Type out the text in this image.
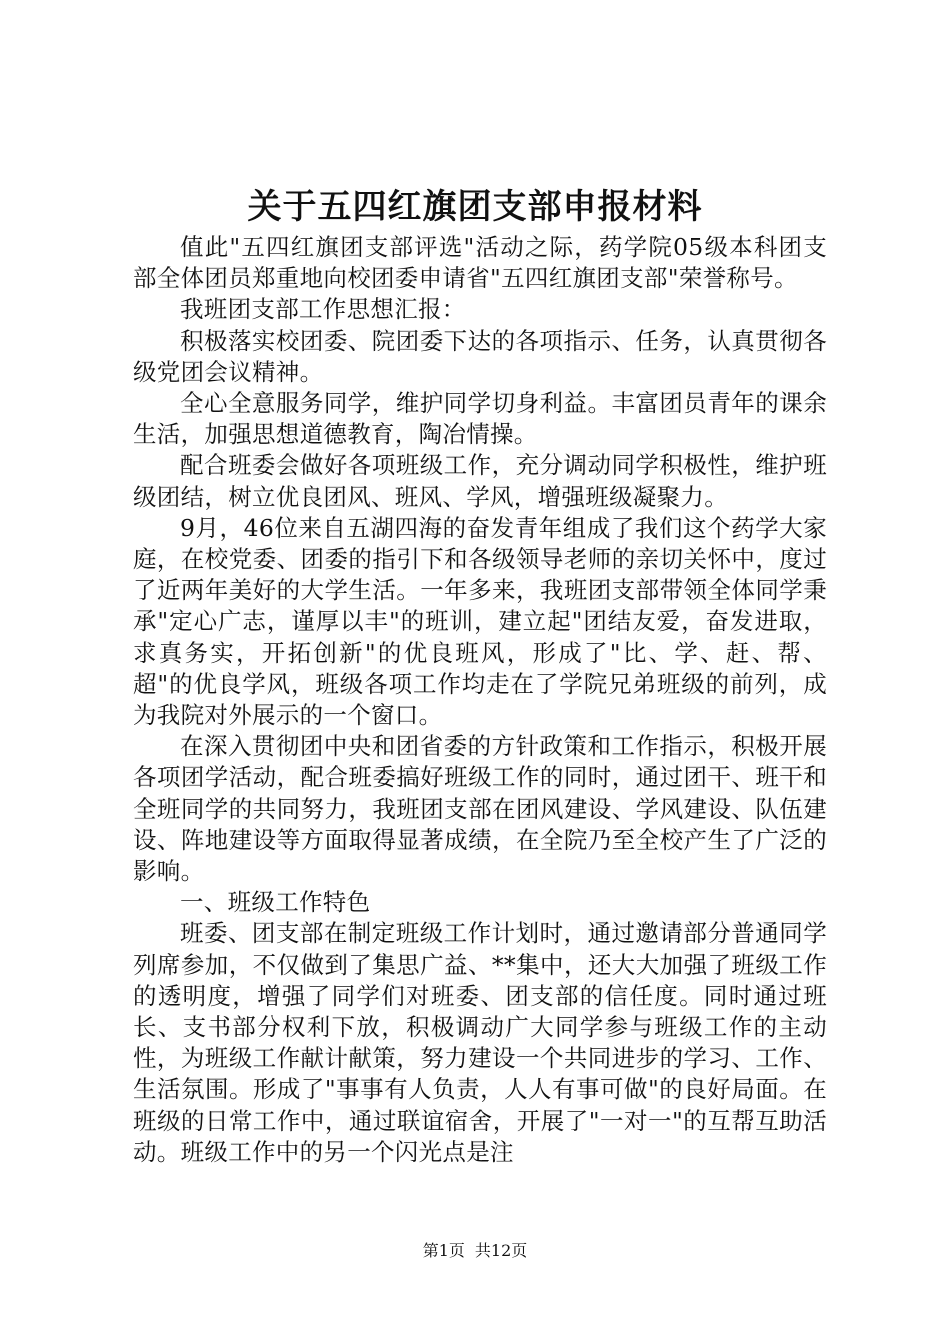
关于五四红旗团支部申报材料

值此"五四红旗团支部评选"活动之际，药学院05级本科团支部全体团员郑重地向校团委申请省"五四红旗团支部"荣誉称号。

我班团支部工作思想汇报：

积极落实校团委、院团委下达的各项指示、任务，认真贯彻各级党团会议精神。

全心全意服务同学，维护同学切身利益。丰富团员青年的课余生活，加强思想道德教育，陶冶情操。

配合班委会做好各项班级工作，充分调动同学积极性，维护班级团结，树立优良团风、班风、学风，增强班级凝聚力。

9月，46位来自五湖四海的奋发青年组成了我们这个药学大家庭，在校党委、团委的指引下和各级领导老师的亲切关怀中，度过了近两年美好的大学生活。一年多来，我班团支部带领全体同学秉承"定心广志，谨厚以丰"的班训，建立起"团结友爱，奋发进取，求真务实，开拓创新"的优良班风，形成了"比、学、赶、帮、超"的优良学风，班级各项工作均走在了学院兄弟班级的前列，成为我院对外展示的一个窗口。

在深入贯彻团中央和团省委的方针政策和工作指示，积极开展各项团学活动，配合班委搞好班级工作的同时，通过团干、班干和全班同学的共同努力，我班团支部在团风建设、学风建设、队伍建设、阵地建设等方面取得显著成绩，在全院乃至全校产生了广泛的影响。

一、班级工作特色

班委、团支部在制定班级工作计划时，通过邀请部分普通同学列席参加，不仅做到了集思广益、**集中，还大大加强了班级工作的透明度，增强了同学们对班委、团支部的信任度。同时通过班长、支书部分权利下放，积极调动广大同学参与班级工作的主动性，为班级工作献计献策，努力建设一个共同进步的学习、工作、生活氛围。形成了"事事有人负责，人人有事可做"的良好局面。在班级的日常工作中，通过联谊宿舍，开展了"一对一"的互帮互助活动。班级工作中的另一个闪光点是注

第1页 共12页
